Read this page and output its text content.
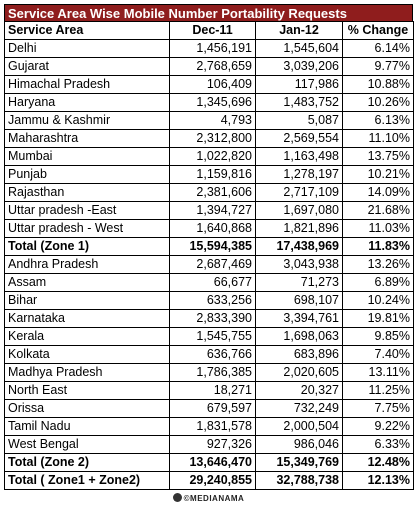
Service Area Wise Mobile Number Portability Requests
Service Area	Dec-11	Jan-12	% Change
Delhi	1,456,191	1,545,604	6.14%
Gujarat	2,768,659	3,039,206	9.77%
Himachal Pradesh	106,409	117,986	10.88%
Haryana	1,345,696	1,483,752	10.26%
Jammu & Kashmir	4,793	5,087	6.13%
Maharashtra	2,312,800	2,569,554	11.10%
Mumbai	1,022,820	1,163,498	13.75%
Punjab	1,159,816	1,278,197	10.21%
Rajasthan	2,381,606	2,717,109	14.09%
Uttar pradesh -East	1,394,727	1,697,080	21.68%
Uttar pradesh - West	1,640,868	1,821,896	11.03%
Total (Zone 1)	15,594,385	17,438,969	11.83%
Andhra Pradesh	2,687,469	3,043,938	13.26%
Assam	66,677	71,273	6.89%
Bihar	633,256	698,107	10.24%
Karnataka	2,833,390	3,394,761	19.81%
Kerala	1,545,755	1,698,063	9.85%
Kolkata	636,766	683,896	7.40%
Madhya Pradesh	1,786,385	2,020,605	13.11%
North East	18,271	20,327	11.25%
Orissa	679,597	732,249	7.75%
Tamil Nadu	1,831,578	2,000,504	9.22%
West Bengal	927,326	986,046	6.33%
Total (Zone 2)	13,646,470	15,349,769	12.48%
Total ( Zone1 + Zone2)	29,240,855	32,788,738	12.13%
©MEDIANAMA
